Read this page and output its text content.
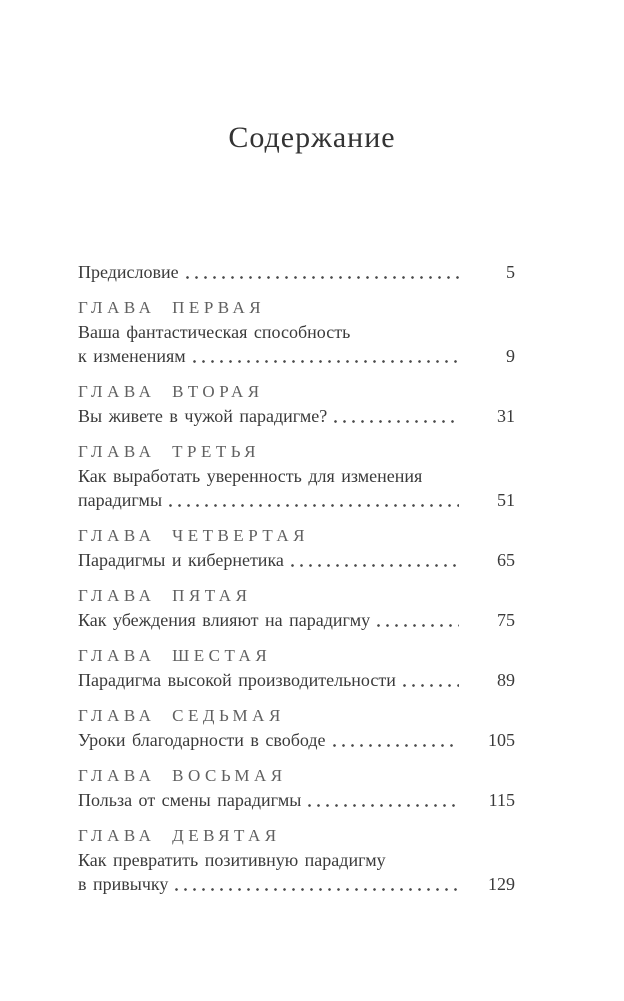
Содержание
Предисловие	5
ГЛАВА ПЕРВАЯ
Ваша фантастическая способность
к изменениям	9
ГЛАВА ВТОРАЯ
Вы живете в чужой парадигме?	31
ГЛАВА ТРЕТЬЯ
Как выработать уверенность для изменения
парадигмы	51
ГЛАВА ЧЕТВЕРТАЯ
Парадигмы и кибернетика	65
ГЛАВА ПЯТАЯ
Как убеждения влияют на парадигму	75
ГЛАВА ШЕСТАЯ
Парадигма высокой производительности	89
ГЛАВА СЕДЬМАЯ
Уроки благодарности в свободе	105
ГЛАВА ВОСЬМАЯ
Польза от смены парадигмы	115
ГЛАВА ДЕВЯТАЯ
Как превратить позитивную парадигму
в привычку	129
